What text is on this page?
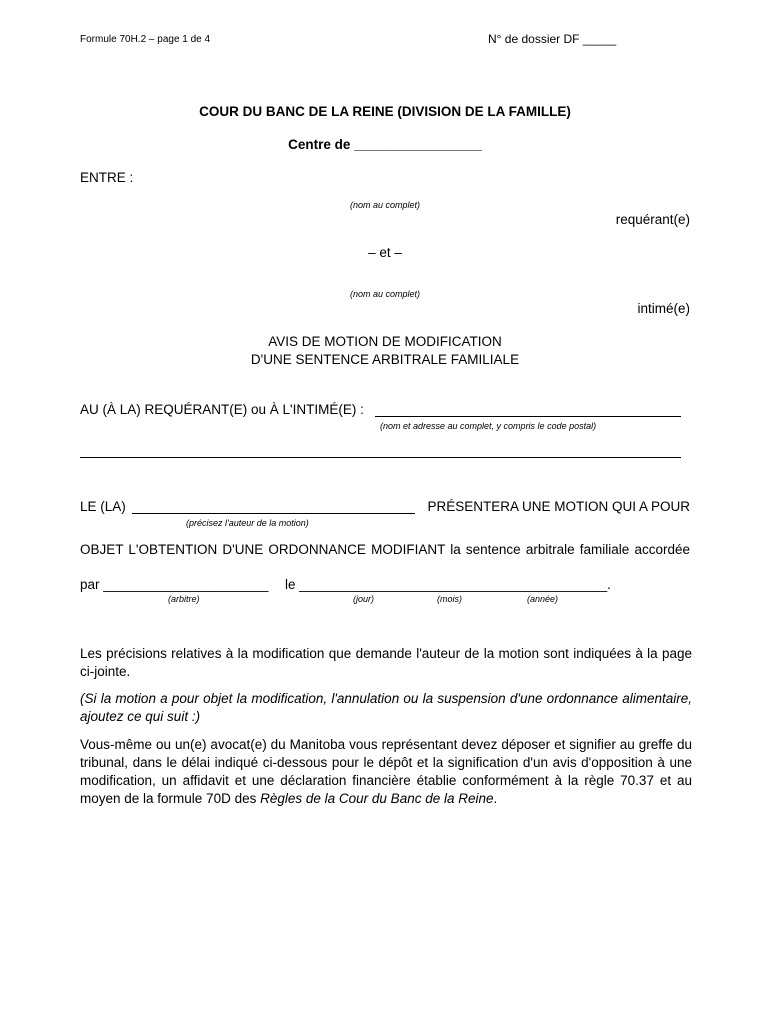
Formule 70H.2 – page 1 de 4	N° de dossier DF _____
COUR DU BANC DE LA REINE (DIVISION DE LA FAMILLE)
Centre de _________________
ENTRE :
(nom au complet)
requérant(e)
– et –
(nom au complet)
intimé(e)
AVIS DE MOTION DE MODIFICATION
D'UNE SENTENCE ARBITRALE FAMILIALE
AU (À LA) REQUÉRANT(E) ou À L'INTIMÉ(E) :
(nom et adresse au complet, y compris le code postal)
LE (LA)	PRÉSENTERA UNE MOTION QUI A POUR
(précisez l'auteur de la motion)
OBJET L'OBTENTION D'UNE ORDONNANCE MODIFIANT la sentence arbitrale familiale accordée
par ______________________ le _________________________________________.
(arbitre)	(jour)	(mois)	(année)
Les précisions relatives à la modification que demande l'auteur de la motion sont indiquées à la page ci-jointe.
(Si la motion a pour objet la modification, l'annulation ou la suspension d'une ordonnance alimentaire, ajoutez ce qui suit :)
Vous-même ou un(e) avocat(e) du Manitoba vous représentant devez déposer et signifier au greffe du tribunal, dans le délai indiqué ci-dessous pour le dépôt et la signification d'un avis d'opposition à une modification, un affidavit et une déclaration financière établie conformément à la règle 70.37 et au moyen de la formule 70D des Règles de la Cour du Banc de la Reine.
